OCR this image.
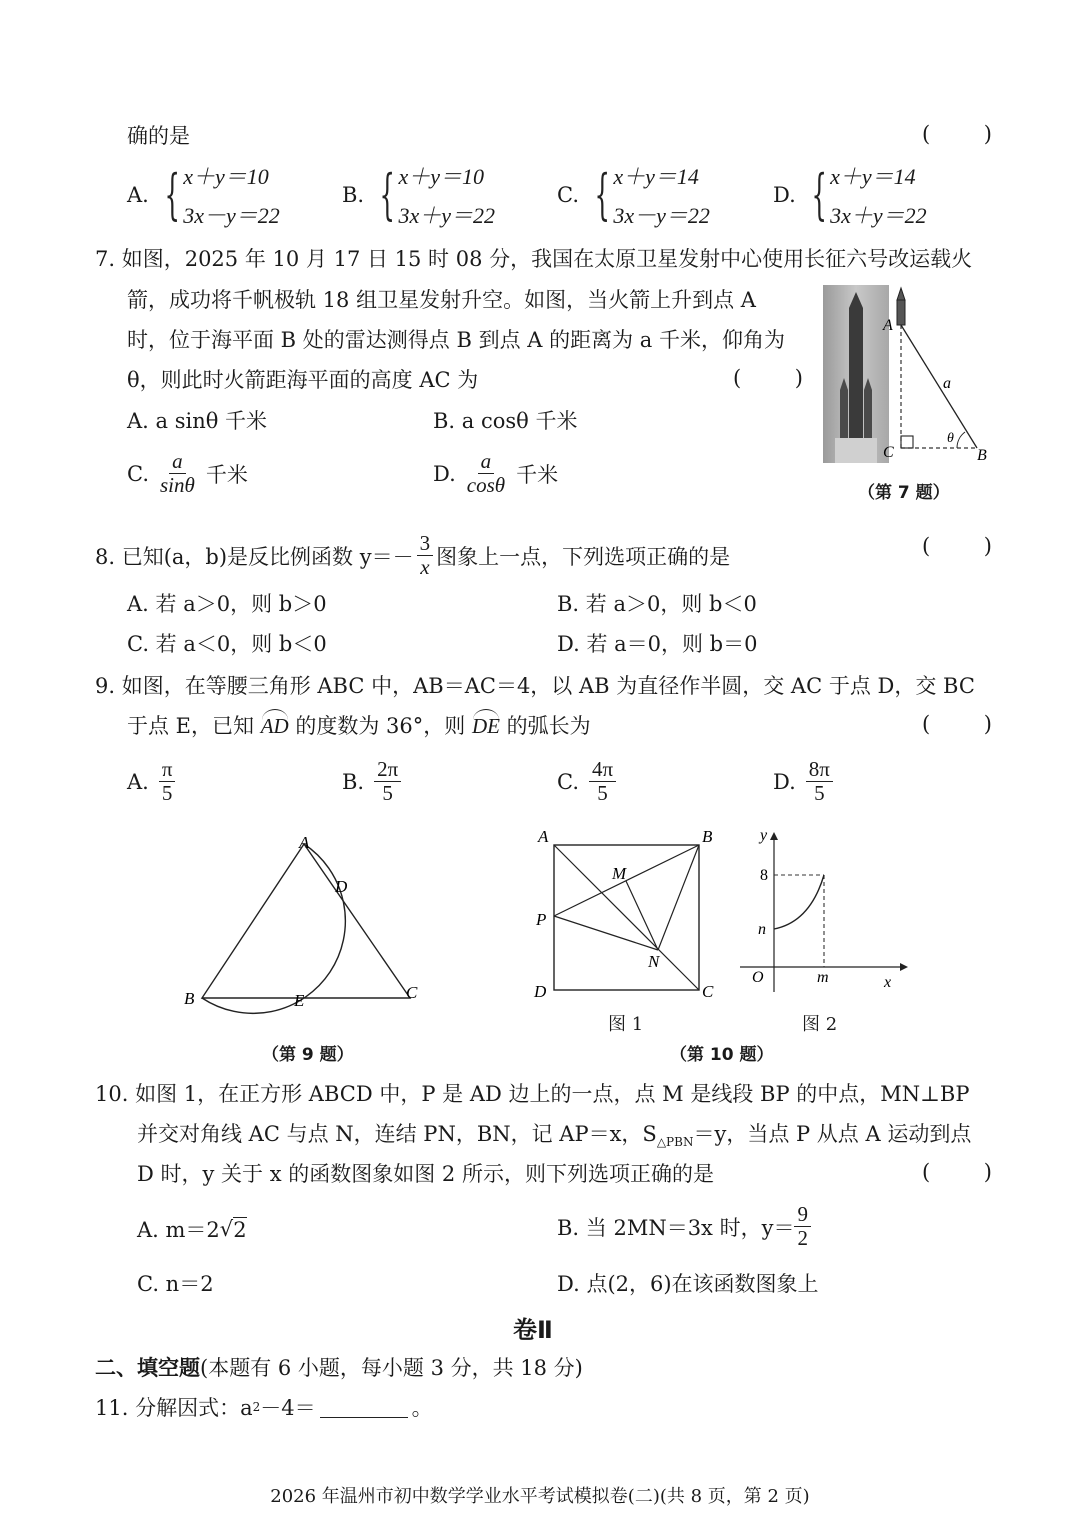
确的是	(	)
A. { x＋y＝10
3x－y＝22
B. { x＋y＝10
3x＋y＝22
C. { x＋y＝14
3x－y＝22
D. { x＋y＝14
3x＋y＝22
7. 如图，2025 年 10 月 17 日 15 时 08 分，我国在太原卫星发射中心使用长征六号改运载火
箭，成功将千帆极轨 18 组卫星发射升空。如图，当火箭上升到点 A
时，位于海平面 B 处的雷达测得点 B 到点 A 的距离为 a 千米，仰角为
θ，则此时火箭距海平面的高度 AC 为	(	)
A. a sinθ 千米	B. a cosθ 千米
C. $\frac{a}{\sin\theta}$ 千米	D. $\frac{a}{\cos\theta}$ 千米
A
C	B
a
θ
（第 7 题）
8. 已知(a，b)是反比例函数 $y=- \frac{3}{x}$ 图象上一点，下列选项正确的是	(	)
A. 若 a＞0，则 b＞0	B. 若 a＞0，则 b＜0
C. 若 a＜0，则 b＜0	D. 若 a＝0，则 b＝0
9. 如图，在等腰三角形 ABC 中，AB＝AC＝4，以 AB 为直径作半圆，交 AC 于点 D，交 BC
于点 E，已知 AD 的度数为 36°，则 DE 的弧长为	(	)
A. $\frac{\pi}{5}$	B. $\frac{2\pi}{5}$	C. $\frac{4\pi}{5}$	D. $\frac{8\pi}{5}$
A
B	C
D
E
（第 9 题）
A	B
C
D
P
M
N
图 1
y
x
O
n
m
8
图 2
（第 10 题）
10. 如图 1，在正方形 ABCD 中，P 是 AD 边上的一点，点 M 是线段 BP 的中点，MN⊥BP
并交对角线 AC 与点 N，连结 PN，BN，记 AP＝x，$S_{\triangle PBN}=y$，当点 P 从点 A 运动到点
D 时，y 关于 x 的函数图象如图 2 所示，则下列选项正确的是	(	)
A. m＝2 √ 2	B. 当 2MN＝3x 时，$y= \frac{9}{2}$
C. n＝2	D. 点(2，6)在该函数图象上
卷Ⅱ
二、填空题(本题有 6 小题，每小题 3 分，共 18 分)
11. 分解因式：$a^2 -4=$	。
2026 年温州市初中数学学业水平考试模拟卷(二)(共 8 页，第 2 页)
